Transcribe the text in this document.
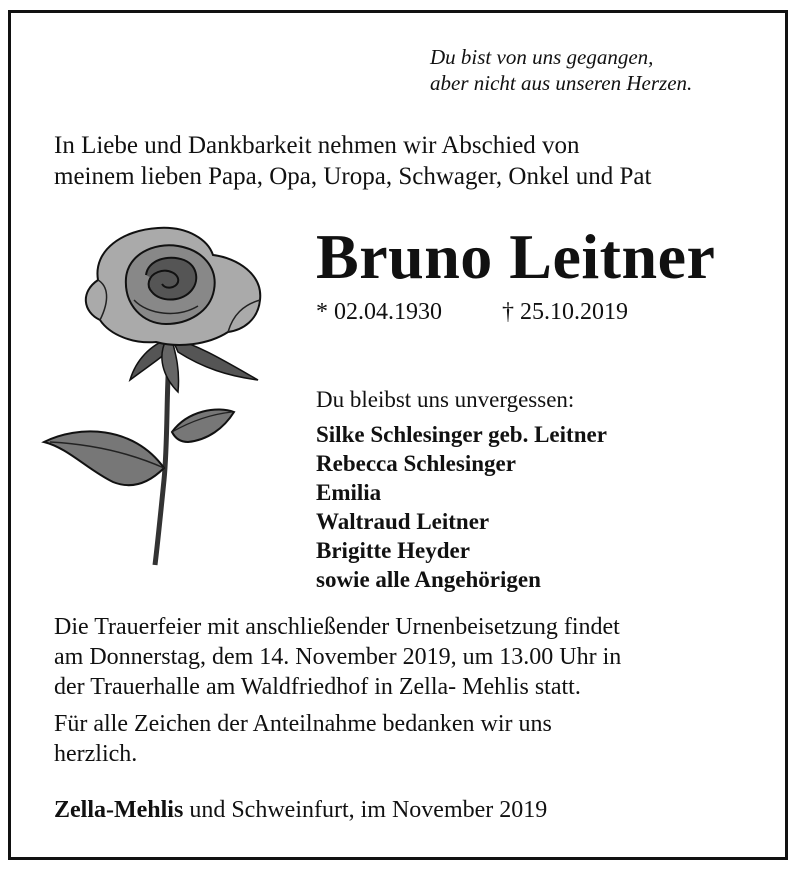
Du bist von uns gegangen,
aber nicht aus unseren Herzen.
In Liebe und Dankbarkeit nehmen wir Abschied von
meinem lieben Papa, Opa, Uropa, Schwager, Onkel und Pat
Bruno Leitner
* 02.04.1930	† 25.10.2019
Du bleibst uns unvergessen:
Silke Schlesinger geb. Leitner
Rebecca Schlesinger
Emilia
Waltraud Leitner
Brigitte Heyder
sowie alle Angehörigen
Die Trauerfeier mit anschließender Urnenbeisetzung findet
am Donnerstag, dem 14. November 2019, um 13.00 Uhr in
der Trauerhalle am Waldfriedhof in Zella- Mehlis statt.
Für alle Zeichen der Anteilnahme bedanken wir uns
herzlich.
Zella-Mehlis und Schweinfurt, im November 2019
